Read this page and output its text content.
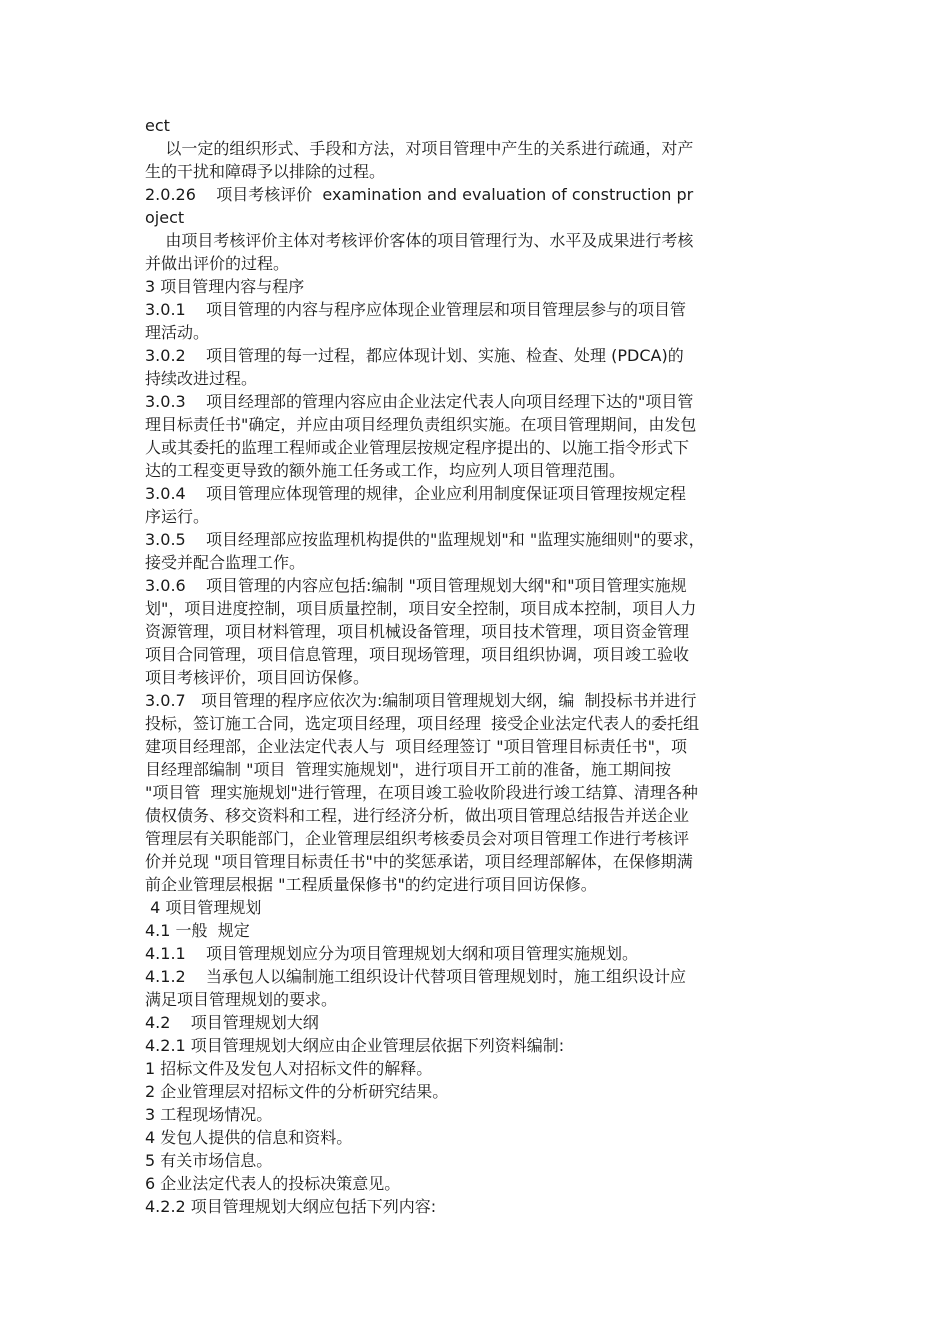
ect
以一定的组织形式、手段和方法，对项目管理中产生的关系进行疏通，对产
生的干扰和障碍予以排除的过程。
2.0.26    项目考核评价  examination and evaluation of construction pr
oject
由项目考核评价主体对考核评价客体的项目管理行为、水平及成果进行考核
并做出评价的过程。
3 项目管理内容与程序
3.0.1    项目管理的内容与程序应体现企业管理层和项目管理层参与的项目管
理活动。
3.0.2    项目管理的每一过程，都应体现计划、实施、检查、处理 (PDCA)的
持续改进过程。
3.0.3    项目经理部的管理内容应由企业法定代表人向项目经理下达的"项目管
理目标责任书"确定，并应由项目经理负责组织实施。在项目管理期间，由发包
人或其委托的监理工程师或企业管理层按规定程序提出的、以施工指令形式下
达的工程变更导致的额外施工任务或工作，均应列人项目管理范围。
3.0.4    项目管理应体现管理的规律，企业应利用制度保证项目管理按规定程
序运行。
3.0.5    项目经理部应按监理机构提供的"监理规划"和 "监理实施细则"的要求，
接受并配合监理工作。
3.0.6    项目管理的内容应包括:编制 "项目管理规划大纲"和"项目管理实施规
划"，项目进度控制，项目质量控制，项目安全控制，项目成本控制，项目人力
资源管理，项目材料管理，项目机械设备管理，项目技术管理，项目资金管理
项目合同管理，项目信息管理，项目现场管理，项目组织协调，项目竣工验收
项目考核评价，项目回访保修。
3.0.7   项目管理的程序应依次为:编制项目管理规划大纲，编  制投标书并进行
投标，签订施工合同，选定项目经理，项目经理  接受企业法定代表人的委托组
建项目经理部，企业法定代表人与  项目经理签订 "项目管理目标责任书"，项
目经理部编制 "项目  管理实施规划"，进行项目开工前的准备，施工期间按
"项目管  理实施规划"进行管理，在项目竣工验收阶段进行竣工结算、清理各种
债权债务、移交资料和工程，进行经济分析，做出项目管理总结报告并送企业
管理层有关职能部门，企业管理层组织考核委员会对项目管理工作进行考核评
价并兑现 "项目管理目标责任书"中的奖惩承诺，项目经理部解体，在保修期满
前企业管理层根据 "工程质量保修书"的约定进行项目回访保修。
4 项目管理规划
4.1 一般  规定
4.1.1    项目管理规划应分为项目管理规划大纲和项目管理实施规划。
4.1.2    当承包人以编制施工组织设计代替项目管理规划时，施工组织设计应
满足项目管理规划的要求。
4.2    项目管理规划大纲
4.2.1 项目管理规划大纲应由企业管理层依据下列资料编制:
1 招标文件及发包人对招标文件的解释。
2 企业管理层对招标文件的分析研究结果。
3 工程现场情况。
4 发包人提供的信息和资料。
5 有关市场信息。
6 企业法定代表人的投标决策意见。
4.2.2 项目管理规划大纲应包括下列内容:
